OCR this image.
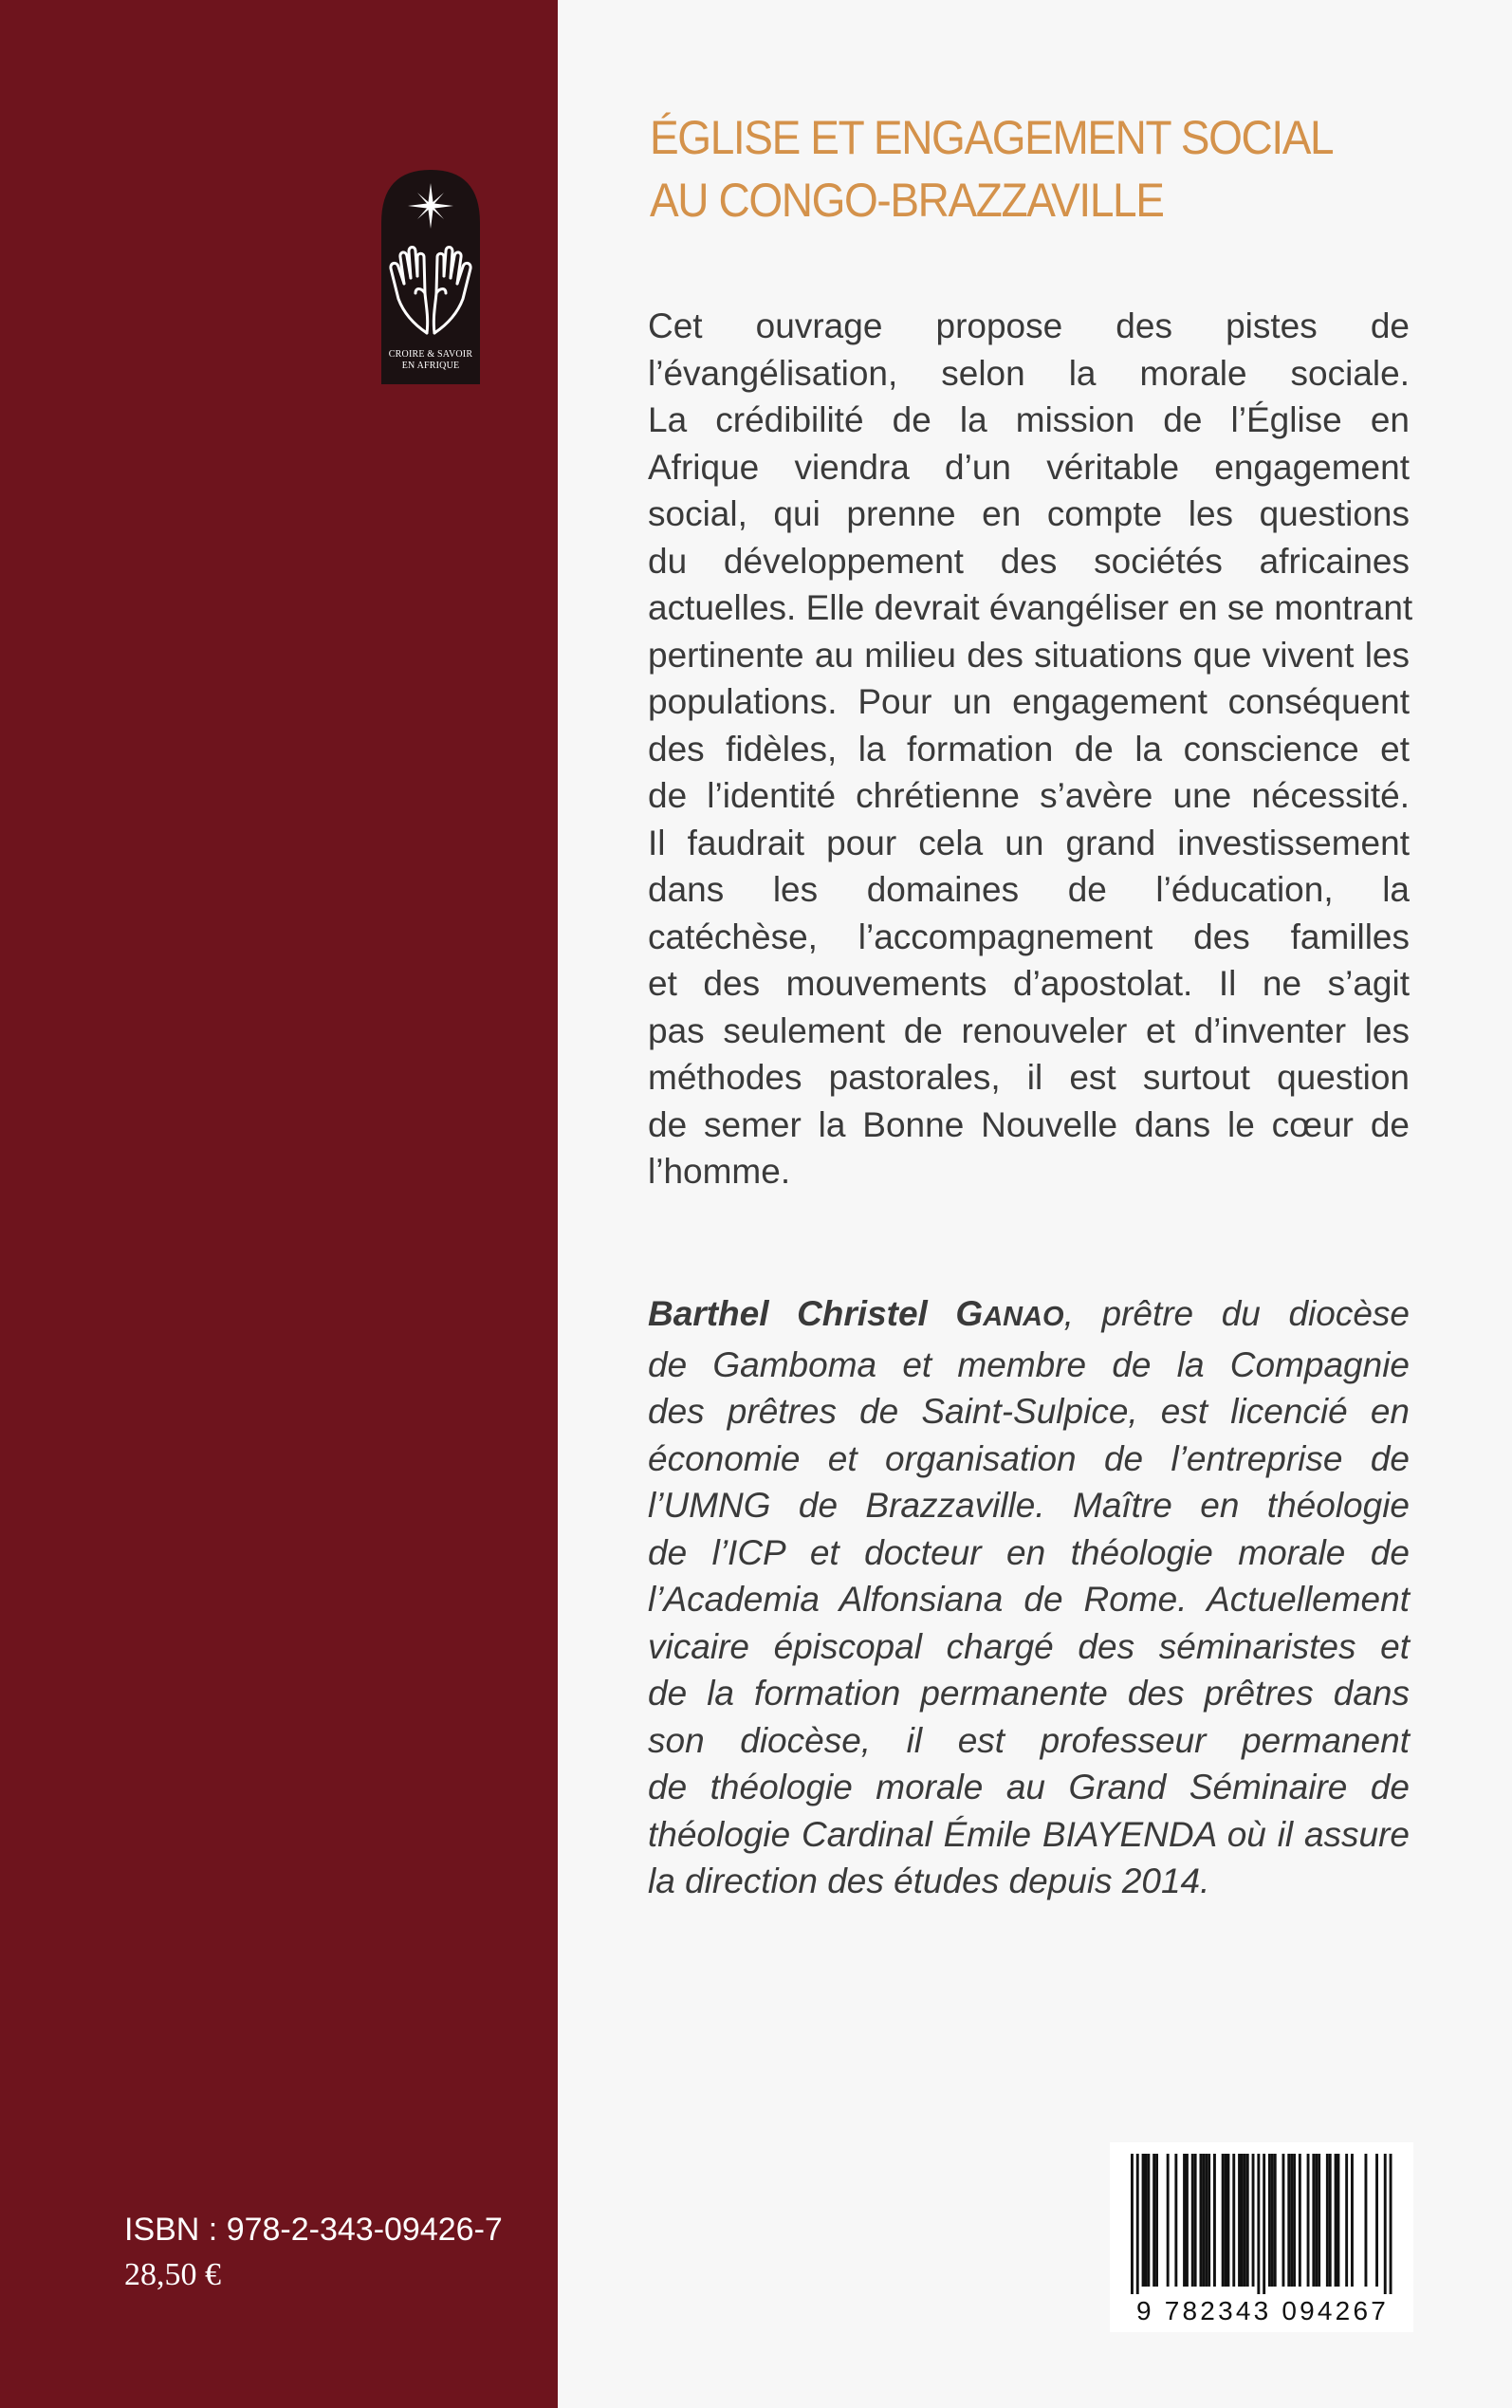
CROIRE & SAVOIR
EN AFRIQUE
ISBN : 978-2-343-09426-7
28,50 €
ÉGLISE ET ENGAGEMENT SOCIAL
AU CONGO-BRAZZAVILLE
Cet ouvrage propose des pistes de
l’évangélisation, selon la morale sociale.
La crédibilité de la mission de l’Église en
Afrique viendra d’un véritable engagement
social, qui prenne en compte les questions
du développement des sociétés africaines
actuelles. Elle devrait évangéliser en se montrant
pertinente au milieu des situations que vivent les
populations. Pour un engagement conséquent
des fidèles, la formation de la conscience et
de l’identité chrétienne s’avère une nécessité.
Il faudrait pour cela un grand investissement
dans les domaines de l’éducation, la
catéchèse, l’accompagnement des familles
et des mouvements d’apostolat. Il ne s’agit
pas seulement de renouveler et d’inventer les
méthodes pastorales, il est surtout question
de semer la Bonne Nouvelle dans le cœur de
l’homme.
Barthel Christel GANAO, prêtre du diocèse
de Gamboma et membre de la Compagnie
des prêtres de Saint-Sulpice, est licencié en
économie et organisation de l’entreprise de
l’UMNG de Brazzaville. Maître en théologie
de l’ICP et docteur en théologie morale de
l’Academia Alfonsiana de Rome. Actuellement
vicaire épiscopal chargé des séminaristes et
de la formation permanente des prêtres dans
son diocèse, il est professeur permanent
de théologie morale au Grand Séminaire de
théologie Cardinal Émile BIAYENDA où il assure
la direction des études depuis 2014.
9 782343 094267
